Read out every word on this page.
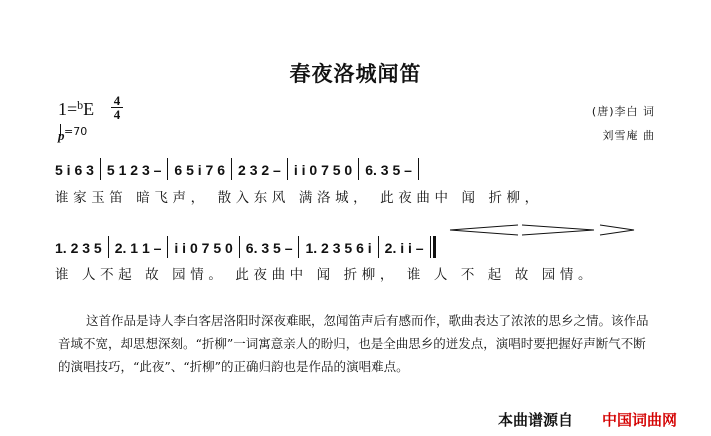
春夜洛城闻笛
1=$^b$E 4
4
=70
p
(唐)李白 词
刘雪庵 曲
5 i 6 3 5 1 2 3 – 6 5 i 7 6 2 3 2 – i i 0 7 5 0 6. 3 5 –
谁家玉笛 暗飞声， 散入东风 满洛城， 此夜曲中 闻 折柳，
1. 2 3 5 2. 1 1 – i i 0 7 5 0 6. 3 5 – 1. 2 3 5 6 i 2. i i –
谁 人不起 故 园情。 此夜曲中 闻 折柳， 谁 人 不 起 故 园情。
这首作品是诗人李白客居洛阳时深夜难眠，忽闻笛声后有感而作，歌曲表达了浓浓的思乡之情。该作品音域不宽，却思想深刻。“折柳”一词寓意亲人的盼归，也是全曲思乡的迸发点，演唱时要把握好声断气不断的演唱技巧，“此夜”、“折柳”的正确归韵也是作品的演唱难点。
本曲谱源自 中国词曲网
